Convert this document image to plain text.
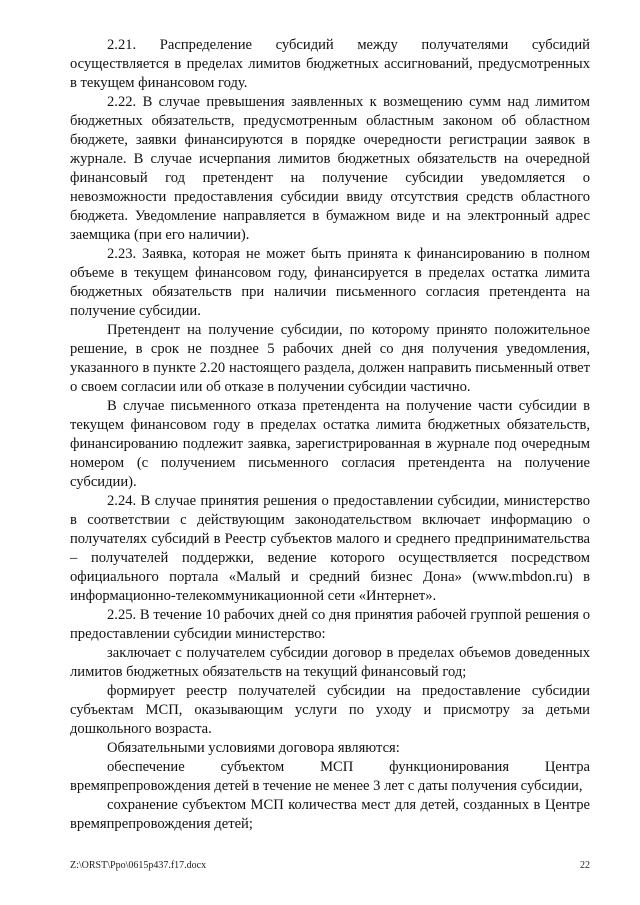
2.21. Распределение субсидий между получателями субсидий осуществляется в пределах лимитов бюджетных ассигнований, предусмотренных в текущем финансовом году.

2.22. В случае превышения заявленных к возмещению сумм над лимитом бюджетных обязательств, предусмотренным областным законом об областном бюджете, заявки финансируются в порядке очередности регистрации заявок в журнале. В случае исчерпания лимитов бюджетных обязательств на очередной финансовый год претендент на получение субсидии уведомляется о невозможности предоставления субсидии ввиду отсутствия средств областного бюджета. Уведомление направляется в бумажном виде и на электронный адрес заемщика (при его наличии).

2.23. Заявка, которая не может быть принята к финансированию в полном объеме в текущем финансовом году, финансируется в пределах остатка лимита бюджетных обязательств при наличии письменного согласия претендента на получение субсидии.

Претендент на получение субсидии, по которому принято положительное решение, в срок не позднее 5 рабочих дней со дня получения уведомления, указанного в пункте 2.20 настоящего раздела, должен направить письменный ответ о своем согласии или об отказе в получении субсидии частично.

В случае письменного отказа претендента на получение части субсидии в текущем финансовом году в пределах остатка лимита бюджетных обязательств, финансированию подлежит заявка, зарегистрированная в журнале под очередным номером (с получением письменного согласия претендента на получение субсидии).

2.24. В случае принятия решения о предоставлении субсидии, министерство в соответствии с действующим законодательством включает информацию о получателях субсидий в Реестр субъектов малого и среднего предпринимательства – получателей поддержки, ведение которого осуществляется посредством официального портала «Малый и средний бизнес Дона» (www.mbdon.ru) в информационно-телекоммуникационной сети «Интернет».

2.25. В течение 10 рабочих дней со дня принятия рабочей группой решения о предоставлении субсидии министерство:

заключает с получателем субсидии договор в пределах объемов доведенных лимитов бюджетных обязательств на текущий финансовый год;

формирует реестр получателей субсидии на предоставление субсидии субъектам МСП, оказывающим услуги по уходу и присмотру за детьми дошкольного возраста.

Обязательными условиями договора являются:

обеспечение субъектом МСП функционирования Центра времяпрепровождения детей в течение не менее 3 лет с даты получения субсидии,

сохранение субъектом МСП количества мест для детей, созданных в Центре времяпрепровождения детей;

Z:\ORST\Ppo\0615p437.f17.docx	22
